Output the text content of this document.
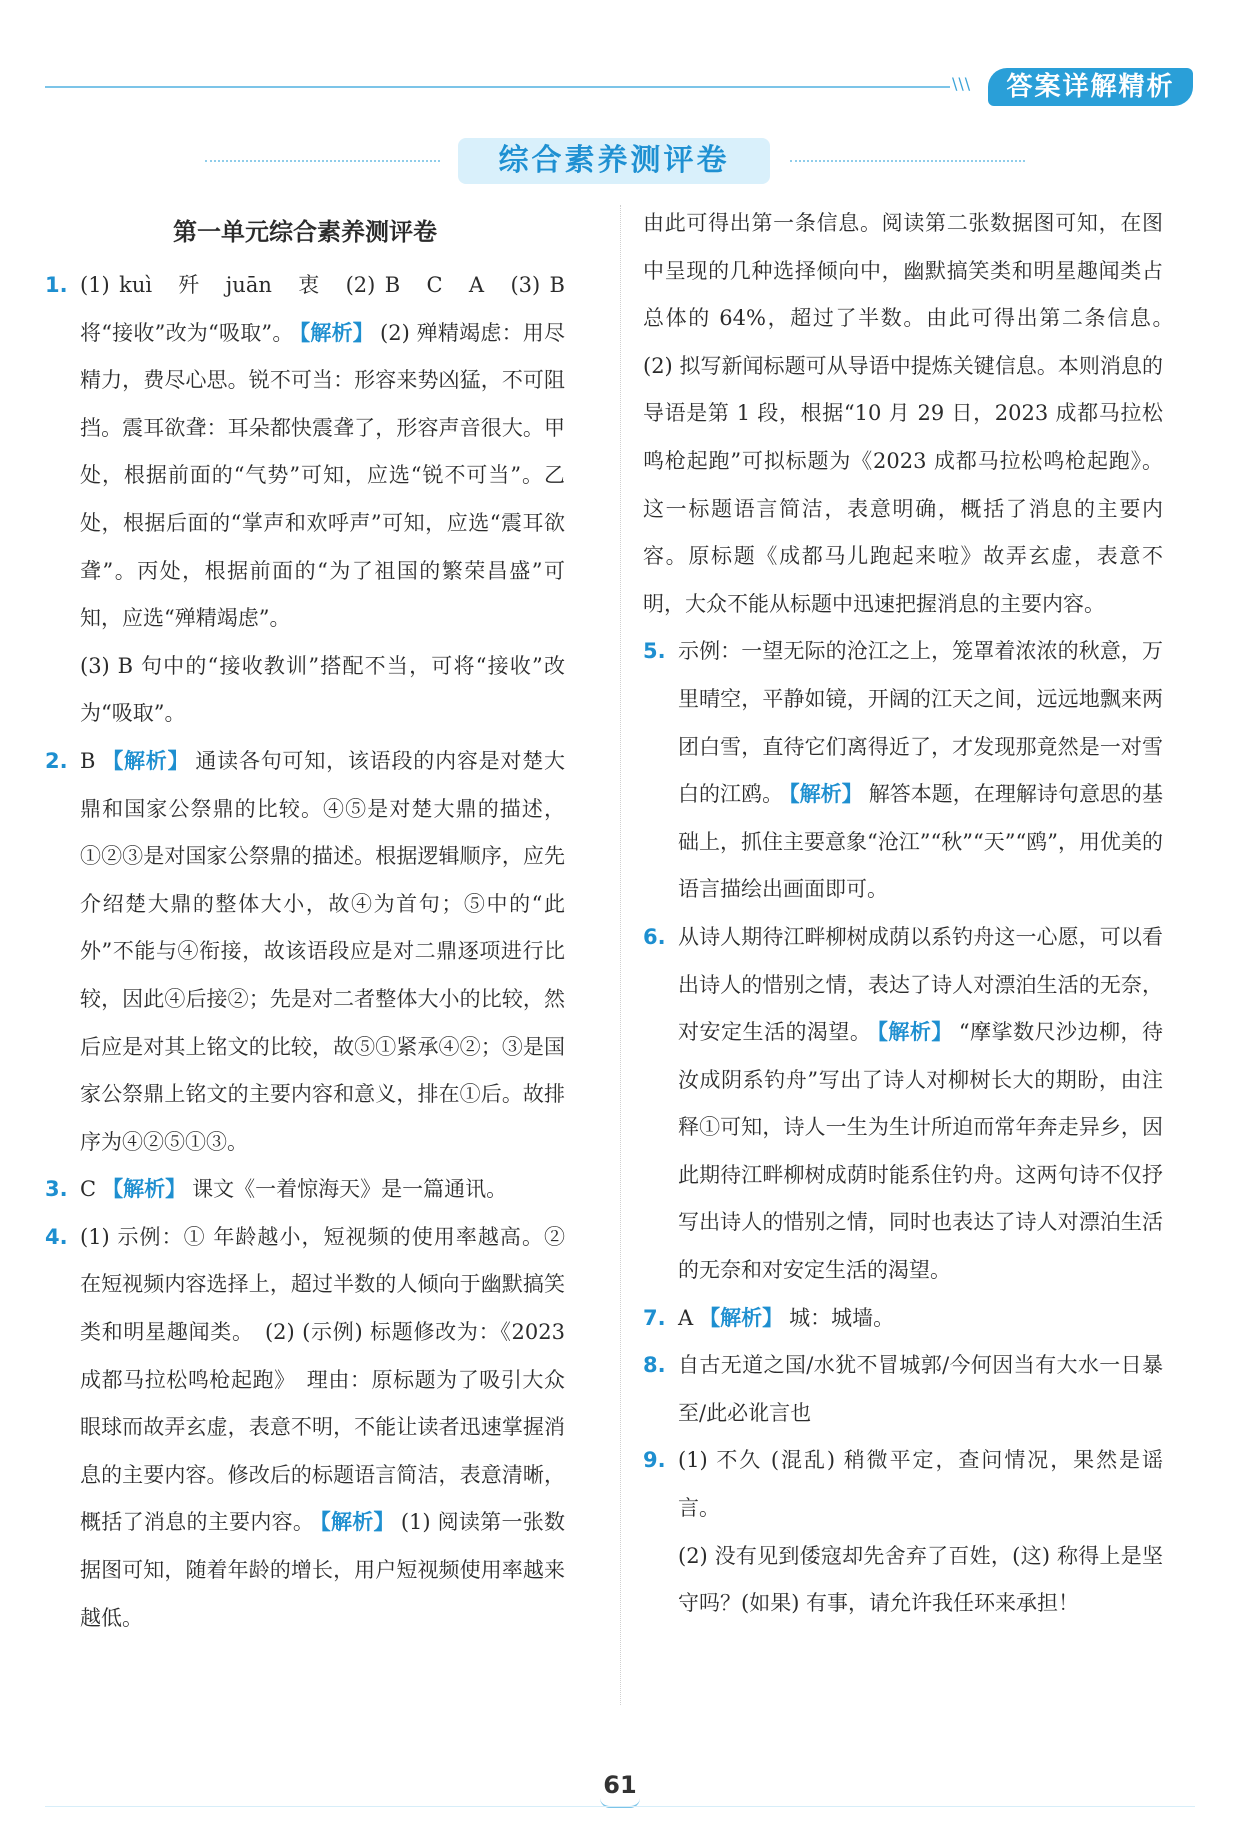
\\\	答案详解精析
综合素养测评卷
第一单元综合素养测评卷
1. (1) kuì　歼　juān　衷　(2) B　C　A　(3) B 将“接收”改为“吸取”。 【解析】 (2) 殚精竭虑：用尽精力，费尽心思。锐不可当：形容来势凶猛，不可阻挡。震耳欲聋：耳朵都快震聋了，形容声音很大。甲处，根据前面的“气势”可知，应选“锐不可当”。乙处，根据后面的“掌声和欢呼声”可知，应选“震耳欲聋”。丙处，根据前面的“为了祖国的繁荣昌盛”可知，应选“殚精竭虑”。
(3) B 句中的“接收教训”搭配不当，可将“接收”改为“吸取”。
2. B 【解析】 通读各句可知，该语段的内容是对楚大鼎和国家公祭鼎的比较。④⑤是对楚大鼎的描述，①②③是对国家公祭鼎的描述。根据逻辑顺序，应先介绍楚大鼎的整体大小，故④为首句；⑤中的“此外”不能与④衔接，故该语段应是对二鼎逐项进行比较，因此④后接②；先是对二者整体大小的比较，然后应是对其上铭文的比较，故⑤①紧承④②；③是国家公祭鼎上铭文的主要内容和意义，排在①后。故排序为④②⑤①③。
3. C 【解析】 课文《一着惊海天》是一篇通讯。
4. (1) 示例：① 年龄越小，短视频的使用率越高。② 在短视频内容选择上，超过半数的人倾向于幽默搞笑类和明星趣闻类。　(2) (示例) 标题修改为：《2023 成都马拉松鸣枪起跑》　理由：原标题为了吸引大众眼球而故弄玄虚，表意不明，不能让读者迅速掌握消息的主要内容。修改后的标题语言简洁，表意清晰，概括了消息的主要内容。 【解析】 (1) 阅读第一张数据图可知，随着年龄的增长，用户短视频使用率越来越低。
由此可得出第一条信息。阅读第二张数据图可知，在图中呈现的几种选择倾向中，幽默搞笑类和明星趣闻类占总体的 64%，超过了半数。由此可得出第二条信息。　(2) 拟写新闻标题可从导语中提炼关键信息。本则消息的导语是第 1 段，根据“10 月 29 日，2023 成都马拉松鸣枪起跑”可拟标题为《2023 成都马拉松鸣枪起跑》。这一标题语言简洁，表意明确，概括了消息的主要内容。原标题《成都马儿跑起来啦》故弄玄虚，表意不明，大众不能从标题中迅速把握消息的主要内容。
5. 示例：一望无际的沧江之上，笼罩着浓浓的秋意，万里晴空，平静如镜，开阔的江天之间，远远地飘来两团白雪，直待它们离得近了，才发现那竟然是一对雪白的江鸥。 【解析】 解答本题，在理解诗句意思的基础上，抓住主要意象“沧江”“秋”“天”“鸥”，用优美的语言描绘出画面即可。
6. 从诗人期待江畔柳树成荫以系钓舟这一心愿，可以看出诗人的惜别之情，表达了诗人对漂泊生活的无奈，对安定生活的渴望。 【解析】 “摩挲数尺沙边柳，待汝成阴系钓舟”写出了诗人对柳树长大的期盼，由注释①可知，诗人一生为生计所迫而常年奔走异乡，因此期待江畔柳树成荫时能系住钓舟。这两句诗不仅抒写出诗人的惜别之情，同时也表达了诗人对漂泊生活的无奈和对安定生活的渴望。
7. A 【解析】 城：城墙。
8. 自古无道之国/水犹不冒城郭/今何因当有大水一日暴至/此必讹言也
9. (1) 不久 (混乱) 稍微平定，查问情况，果然是谣言。
(2) 没有见到倭寇却先舍弃了百姓，(这) 称得上是坚守吗？(如果) 有事，请允许我任环来承担！
61
